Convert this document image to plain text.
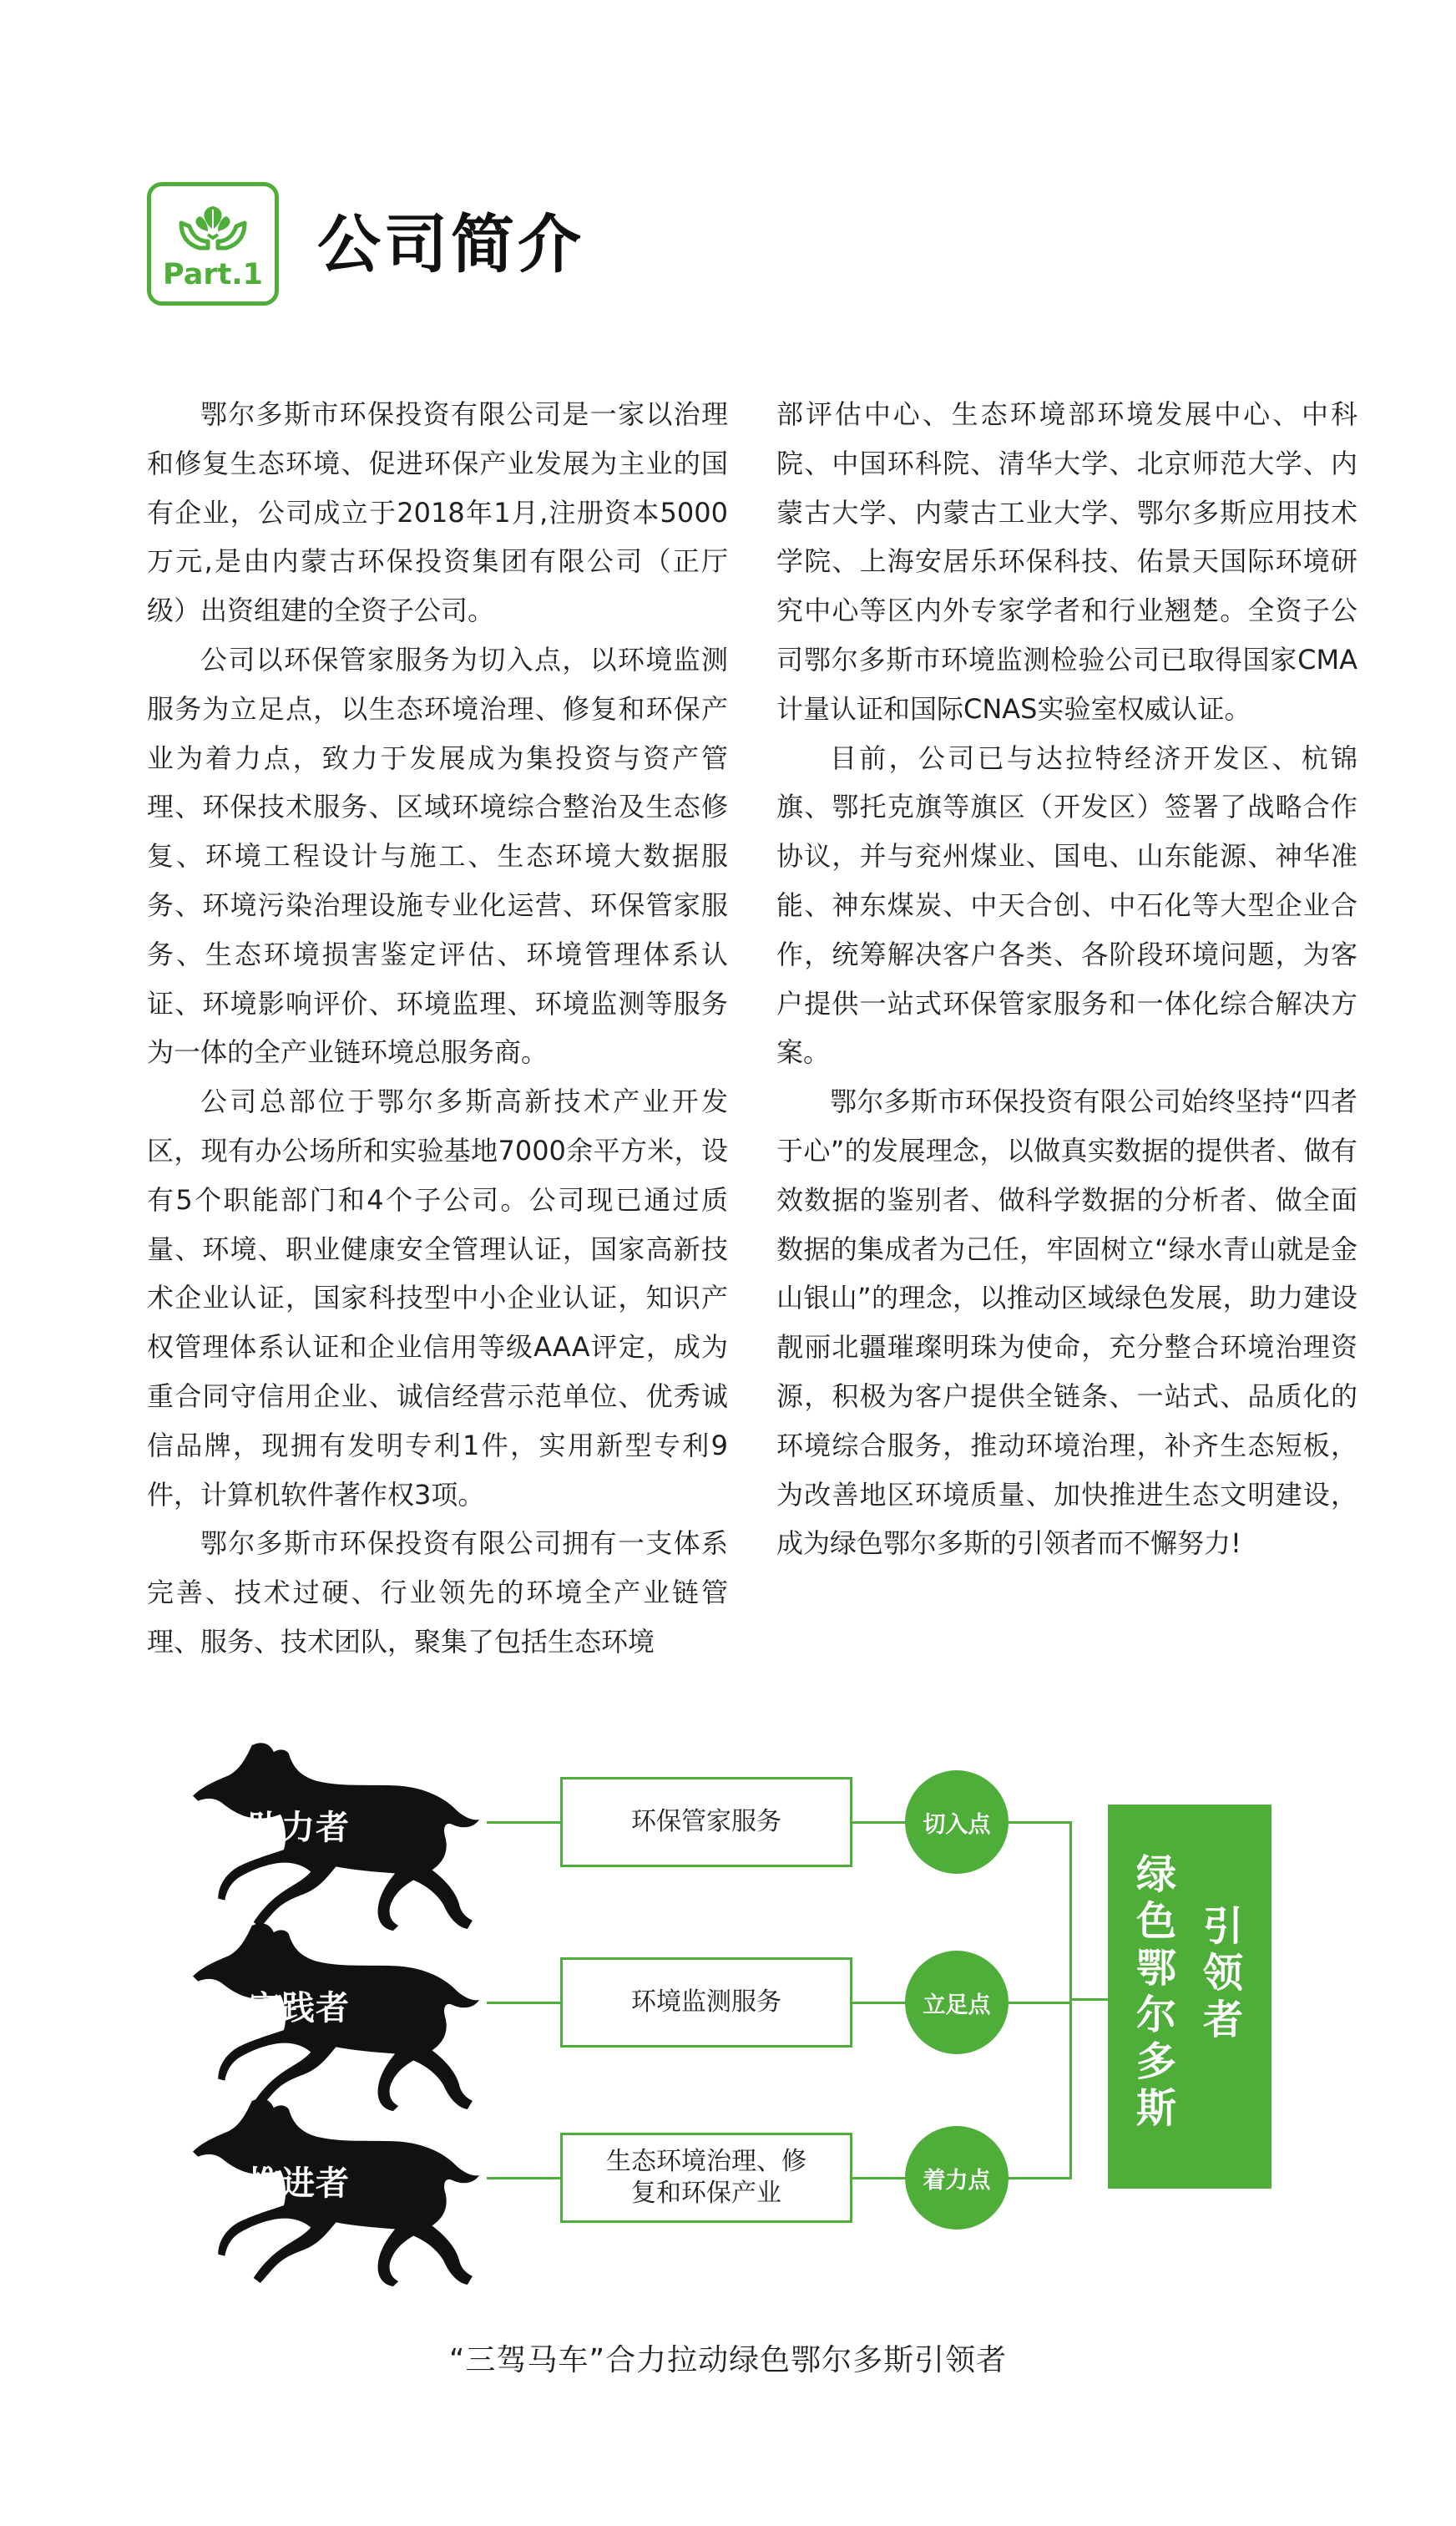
Part.1 公司简介

鄂尔多斯市环保投资有限公司是一家以治理和修复生态环境、促进环保产业发展为主业的国有企业，公司成立于2018年1月,注册资本5000万元,是由内蒙古环保投资集团有限公司（正厅级）出资组建的全资子公司。

公司以环保管家服务为切入点，以环境监测服务为立足点，以生态环境治理、修复和环保产业为着力点，致力于发展成为集投资与资产管理、环保技术服务、区域环境综合整治及生态修复、环境工程设计与施工、生态环境大数据服务、环境污染治理设施专业化运营、环保管家服务、生态环境损害鉴定评估、环境管理体系认证、环境影响评价、环境监理、环境监测等服务为一体的全产业链环境总服务商。

公司总部位于鄂尔多斯高新技术产业开发区，现有办公场所和实验基地7000余平方米，设有5个职能部门和4个子公司。公司现已通过质量、环境、职业健康安全管理认证，国家高新技术企业认证，国家科技型中小企业认证，知识产权管理体系认证和企业信用等级AAA评定，成为重合同守信用企业、诚信经营示范单位、优秀诚信品牌，现拥有发明专利1件，实用新型专利9件，计算机软件著作权3项。

鄂尔多斯市环保投资有限公司拥有一支体系完善、技术过硬、行业领先的环境全产业链管理、服务、技术团队，聚集了包括生态环境

部评估中心、生态环境部环境发展中心、中科院、中国环科院、清华大学、北京师范大学、内蒙古大学、内蒙古工业大学、鄂尔多斯应用技术学院、上海安居乐环保科技、佑景天国际环境研究中心等区内外专家学者和行业翘楚。全资子公司鄂尔多斯市环境监测检验公司已取得国家CMA计量认证和国际CNAS实验室权威认证。

目前，公司已与达拉特经济开发区、杭锦旗、鄂托克旗等旗区（开发区）签署了战略合作协议，并与兖州煤业、国电、山东能源、神华准能、神东煤炭、中天合创、中石化等大型企业合作，统筹解决客户各类、各阶段环境问题，为客户提供一站式环保管家服务和一体化综合解决方案。

鄂尔多斯市环保投资有限公司始终坚持“四者于心”的发展理念，以做真实数据的提供者、做有效数据的鉴别者、做科学数据的分析者、做全面数据的集成者为己任，牢固树立“绿水青山就是金山银山”的理念，以推动区域绿色发展，助力建设靓丽北疆璀璨明珠为使命，充分整合环境治理资源，积极为客户提供全链条、一站式、品质化的环境综合服务，推动环境治理，补齐生态短板，为改善地区环境质量、加快推进生态文明建设，成为绿色鄂尔多斯的引领者而不懈努力!

助力者
实践者
推进者
环保管家服务
环境监测服务
生态环境治理、修复和环保产业
切入点
立足点
着力点
绿色鄂尔多斯
引领者
“三驾马车”合力拉动绿色鄂尔多斯引领者
